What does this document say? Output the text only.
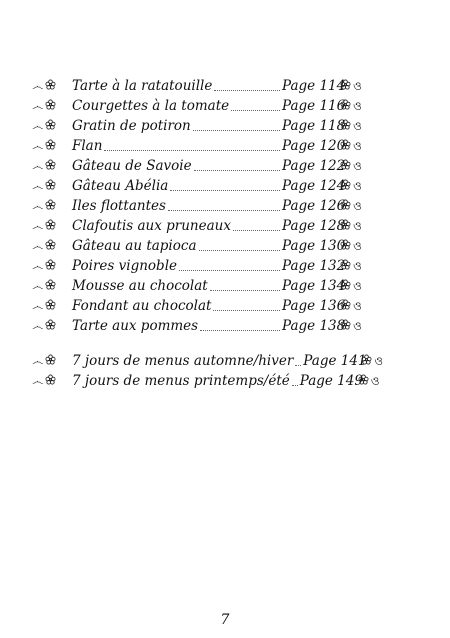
෴ Tarte à la ratatouille	Page 114 ও
෴ Courgettes à la tomate	Page 116 ও
෴ Gratin de potiron	Page 118 ও
෴ Flan	Page 120 ও
෴ Gâteau de Savoie	Page 122 ও
෴ Gâteau Abélia	Page 124 ও
෴ Iles flottantes	Page 126 ও
෴ Clafoutis aux pruneaux	Page 128 ও
෴ Gâteau au tapioca	Page 130 ও
෴ Poires vignoble	Page 132 ও
෴ Mousse au chocolat	Page 134 ও
෴ Fondant au chocolat	Page 136 ও
෴ Tarte aux pommes	Page 138 ও
෴ 7 jours de menus automne/hiver Page 141 ও
෴ 7 jours de menus printemps/été Page 149 ও
7
